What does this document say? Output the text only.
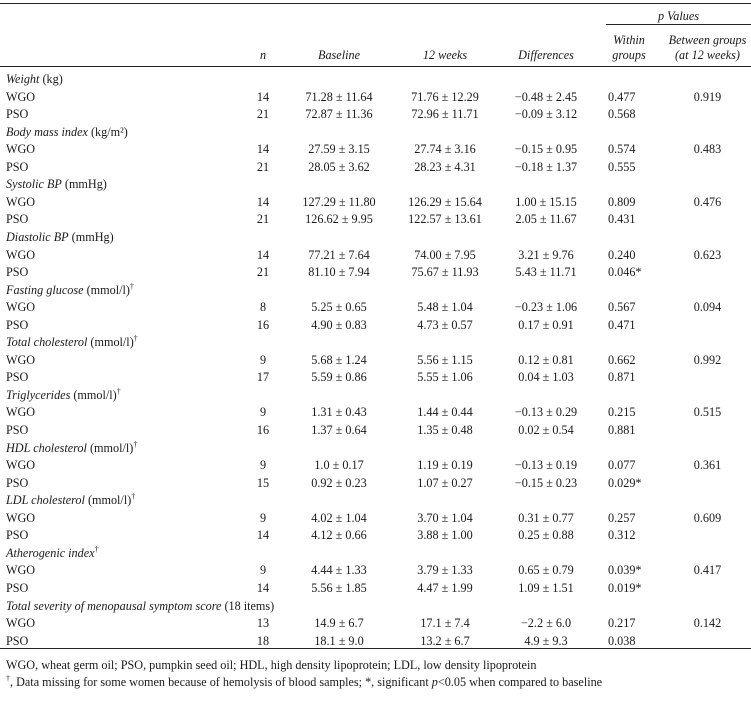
p Values
n	Baseline	12 weeks	Differences
Within
groups
Between groups
(at 12 weeks)
Weight (kg)
WGO	14	71.28 ± 11.64	71.76 ± 12.29	−0.48 ± 2.45	0.477	0.919
PSO	21	72.87 ± 11.36	72.96 ± 11.71	−0.09 ± 3.12	0.568
Body mass index (kg/m²)
WGO	14	27.59 ± 3.15	27.74 ± 3.16	−0.15 ± 0.95	0.574	0.483
PSO	21	28.05 ± 3.62	28.23 ± 4.31	−0.18 ± 1.37	0.555
Systolic BP (mmHg)
WGO	14	127.29 ± 11.80	126.29 ± 15.64	1.00 ± 15.15	0.809	0.476
PSO	21	126.62 ± 9.95	122.57 ± 13.61	2.05 ± 11.67	0.431
Diastolic BP (mmHg)
WGO	14	77.21 ± 7.64	74.00 ± 7.95	3.21 ± 9.76	0.240	0.623
PSO	21	81.10 ± 7.94	75.67 ± 11.93	5.43 ± 11.71	0.046*
Fasting glucose (mmol/l)†
WGO	8	5.25 ± 0.65	5.48 ± 1.04	−0.23 ± 1.06	0.567	0.094
PSO	16	4.90 ± 0.83	4.73 ± 0.57	0.17 ± 0.91	0.471
Total cholesterol (mmol/l)†
WGO	9	5.68 ± 1.24	5.56 ± 1.15	0.12 ± 0.81	0.662	0.992
PSO	17	5.59 ± 0.86	5.55 ± 1.06	0.04 ± 1.03	0.871
Triglycerides (mmol/l)†
WGO	9	1.31 ± 0.43	1.44 ± 0.44	−0.13 ± 0.29	0.215	0.515
PSO	16	1.37 ± 0.64	1.35 ± 0.48	0.02 ± 0.54	0.881
HDL cholesterol (mmol/l)†
WGO	9	1.0 ± 0.17	1.19 ± 0.19	−0.13 ± 0.19	0.077	0.361
PSO	15	0.92 ± 0.23	1.07 ± 0.27	−0.15 ± 0.23	0.029*
LDL cholesterol (mmol/l)†
WGO	9	4.02 ± 1.04	3.70 ± 1.04	0.31 ± 0.77	0.257	0.609
PSO	14	4.12 ± 0.66	3.88 ± 1.00	0.25 ± 0.88	0.312
Atherogenic index†
WGO	9	4.44 ± 1.33	3.79 ± 1.33	0.65 ± 0.79	0.039*	0.417
PSO	14	5.56 ± 1.85	4.47 ± 1.99	1.09 ± 1.51	0.019*
Total severity of menopausal symptom score (18 items)
WGO	13	14.9 ± 6.7	17.1 ± 7.4	−2.2 ± 6.0	0.217	0.142
PSO	18	18.1 ± 9.0	13.2 ± 6.7	4.9 ± 9.3	0.038
WGO, wheat germ oil; PSO, pumpkin seed oil; HDL, high density lipoprotein; LDL, low density lipoprotein
†, Data missing for some women because of hemolysis of blood samples; *, significant p<0.05 when compared to baseline
